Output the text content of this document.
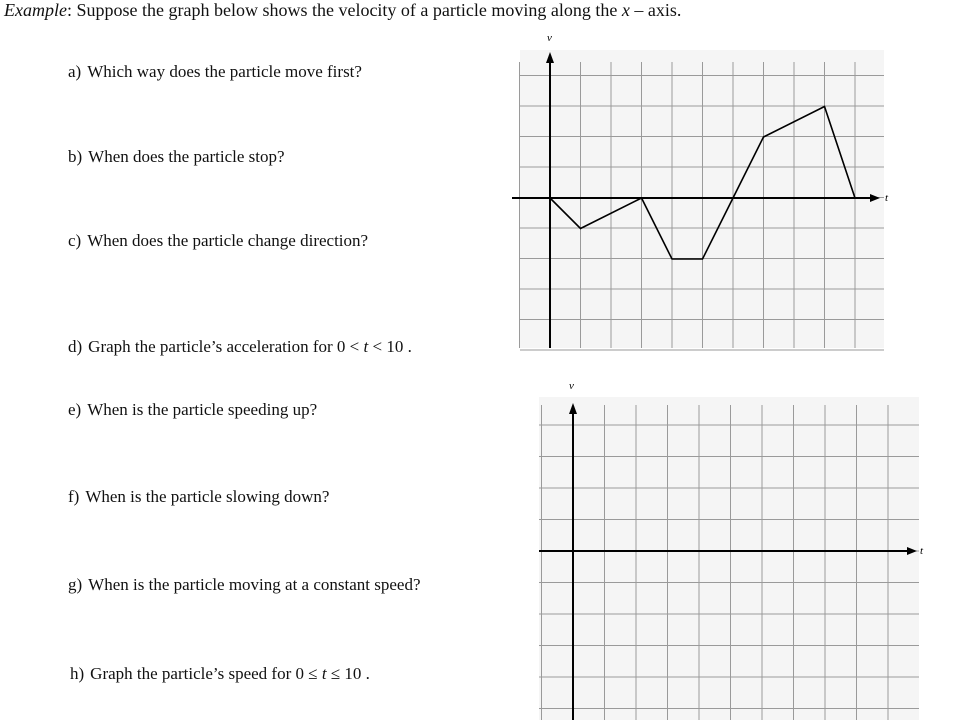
Example: Suppose the graph below shows the velocity of a particle moving along the x – axis.
a) Which way does the particle move first?
b) When does the particle stop?
c) When does the particle change direction?
d) Graph the particle’s acceleration for 0 < t < 10 .
e) When is the particle speeding up?
f) When is the particle slowing down?
g) When is the particle moving at a constant speed?
h) Graph the particle’s speed for 0 ≤ t ≤ 10 .
v
t
v
t
